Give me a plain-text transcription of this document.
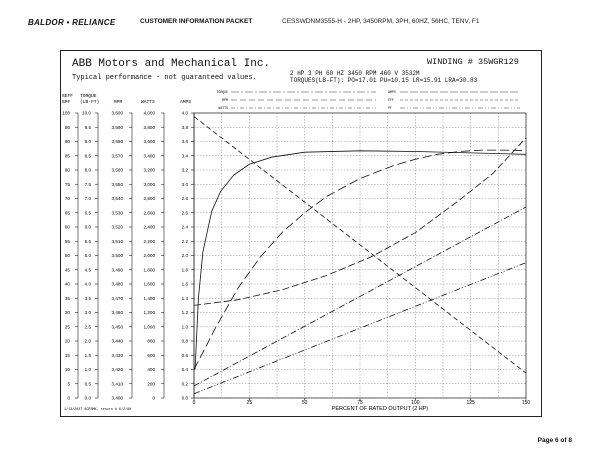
BALDOR • RELIANCE	CUSTOMER INFORMATION PACKET	CESSWDNM3555-H - 2HP, 3450RPM, 3PH, 60HZ, 56HC, TENV, F1
ABB Motors and Mechanical Inc.
Typical performance - not guaranteed values.
WINDING # 35WGR129
2 HP 3 PH 60 HZ 3450 RPM 460 V 3532M
TORQUES(LB-FT): PO=17.01 PU=10.15 LR=15.91 LRA=30.83
0
5
10
15
20
25
30
35
40
45
50
55
60
65
70
75
80
85
90
95
100
0.0
0.5
1.0
1.5
2.0
2.5
3.0
3.5
4.0
4.5
5.0
5.5
6.0
6.5
7.0
7.5
8.0
8.5
9.0
9.5
10.0
3,400
3,410
3,420
3,430
3,440
3,450
3,460
3,470
3,480
3,490
3,500
3,510
3,520
3,530
3,540
3,550
3,560
3,570
3,580
3,590
3,600
0
200
400
600
800
1,000
1,200
1,400
1,600
1,800
2,000
2,200
2,400
2,600
2,800
3,000
3,200
3,400
3,600
3,800
4,000
0.0
0.2
0.4
0.6
0.8
1.0
1.2
1.4
1.6
1.8
2.0
2.2
2.4
2.6
2.8
3.0
3.2
3.4
3.6
3.8
4.0
%EFF
%PF
TORQUE
(LB-FT)	RPM	WATTS	AMPS
0	25	50	75	100	125	150
PERCENT OF RATED OUTPUT (2 HP)
TORQUE
RPM
WATTS
AMPS
EFF
PF
1/13/2027 8CPSMK, rescrn # 6/2/80
Page 6 of 8
